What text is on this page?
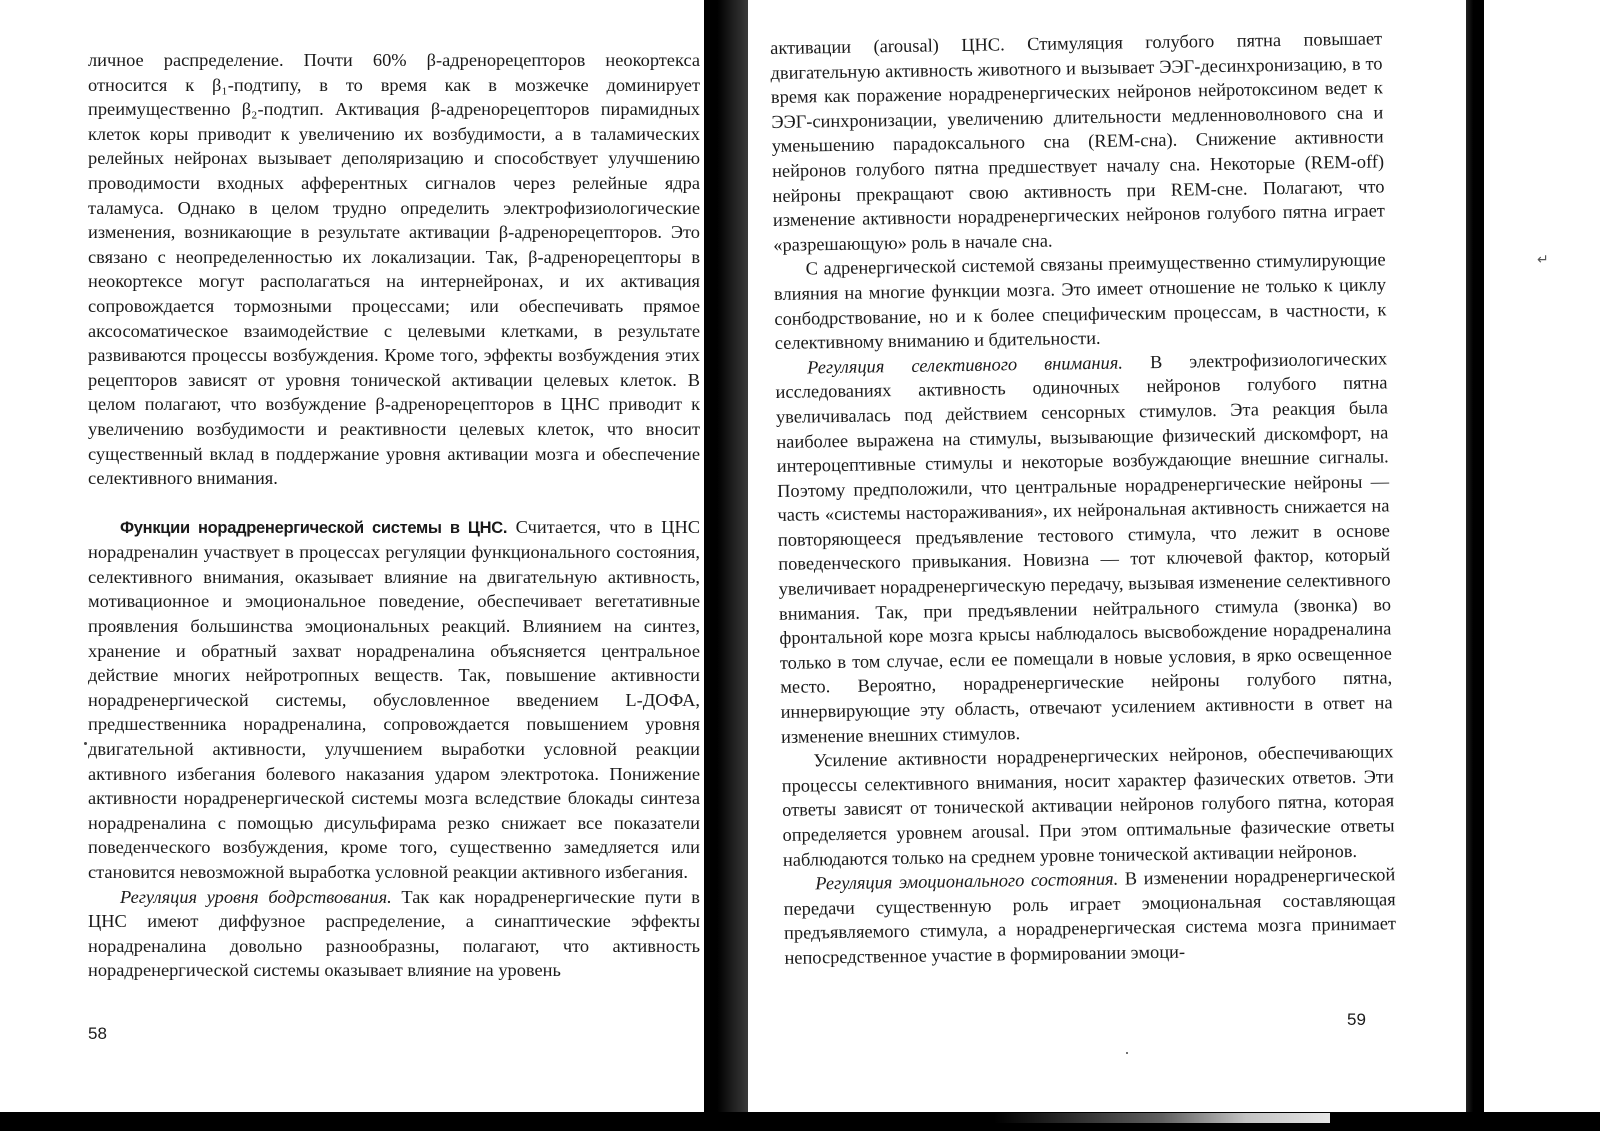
личное распределение. Почти 60% β-адренорецепторов неокортекса относится к β₁-подтипу, в то время как в мозжечке доминирует преимущественно β₂-подтип. Активация β-адренорецепторов пирамидных клеток коры приводит к увеличению их возбудимости, а в таламических релейных нейронах вызывает деполяризацию и способствует улучшению проводимости входных афферентных сигналов через релейные ядра таламуса. Однако в целом трудно определить электрофизиологические изменения, возникающие в результате активации β-адренорецепторов. Это связано с неопределенностью их локализации. Так, β-адренорецепторы в неокортексе могут располагаться на интернейронах, и их активация сопровождается тормозными процессами; или обеспечивать прямое аксосоматическое взаимодействие с целевыми клетками, в результате развиваются процессы возбуждения. Кроме того, эффекты возбуждения этих рецепторов зависят от уровня тонической активации целевых клеток. В целом полагают, что возбуждение β-адренорецепторов в ЦНС приводит к увеличению возбудимости и реактивности целевых клеток, что вносит существенный вклад в поддержание уровня активации мозга и обеспечение селективного внимания.

Функции норадренергической системы в ЦНС. Считается, что в ЦНС норадреналин участвует в процессах регуляции функционального состояния, селективного внимания, оказывает влияние на двигательную активность, мотивационное и эмоциональное поведение, обеспечивает вегетативные проявления большинства эмоциональных реакций. Влиянием на синтез, хранение и обратный захват норадреналина объясняется центральное действие многих нейротропных веществ. Так, повышение активности норадренергической системы, обусловленное введением L-ДОФА, предшественника норадреналина, сопровождается повышением уровня двигательной активности, улучшением выработки условной реакции активного избегания болевого наказания ударом электротока. Понижение активности норадренергической системы мозга вследствие блокады синтеза норадреналина с помощью дисульфирама резко снижает все показатели поведенческого возбуждения, кроме того, существенно замедляется или становится невозможной выработка условной реакции активного избегания.

Регуляция уровня бодрствования. Так как норадренергические пути в ЦНС имеют диффузное распределение, а синаптические эффекты норадреналина довольно разнообразны, полагают, что активность норадренергической системы оказывает влияние на уровень

активации (arousal) ЦНС. Стимуляция голубого пятна повышает двигательную активность животного и вызывает ЭЭГ-десинхронизацию, в то время как поражение норадренергических нейронов нейротоксином ведет к ЭЭГ-синхронизации, увеличению длительности медленноволнового сна и уменьшению парадоксального сна (REM-сна). Снижение активности нейронов голубого пятна предшествует началу сна. Некоторые (REM-off) нейроны прекращают свою активность при REM-сне. Полагают, что изменение активности норадренергических нейронов голубого пятна играет «разрешающую» роль в начале сна.

С адренергической системой связаны преимущественно стимулирующие влияния на многие функции мозга. Это имеет отношение не только к циклу сонбодрствование, но и к более специфическим процессам, в частности, к селективному вниманию и бдительности.

Регуляция селективного внимания. В электрофизиологических исследованиях активность одиночных нейронов голубого пятна увеличивалась под действием сенсорных стимулов. Эта реакция была наиболее выражена на стимулы, вызывающие физический дискомфорт, на интероцептивные стимулы и некоторые возбуждающие внешние сигналы. Поэтому предположили, что центральные норадренергические нейроны — часть «системы настораживания», их нейрональная активность снижается на повторяющееся предъявление тестового стимула, что лежит в основе поведенческого привыкания. Новизна — тот ключевой фактор, который увеличивает норадренергическую передачу, вызывая изменение селективного внимания. Так, при предъявлении нейтрального стимула (звонка) во фронтальной коре мозга крысы наблюдалось высвобождение норадреналина только в том случае, если ее помещали в новые условия, в ярко освещенное место. Вероятно, норадренергические нейроны голубого пятна, иннервирующие эту область, отвечают усилением активности в ответ на изменение внешних стимулов.

Усиление активности норадренергических нейронов, обеспечивающих процессы селективного внимания, носит характер фазических ответов. Эти ответы зависят от тонической активации нейронов голубого пятна, которая определяется уровнем arousal. При этом оптимальные фазические ответы наблюдаются только на среднем уровне тонической активации нейронов.

Регуляция эмоционального состояния. В изменении норадренергической передачи существенную роль играет эмоциональная составляющая предъявляемого стимула, а норадренергическая система мозга принимает непосредственное участие в формировании эмоци-

58
59
↵
